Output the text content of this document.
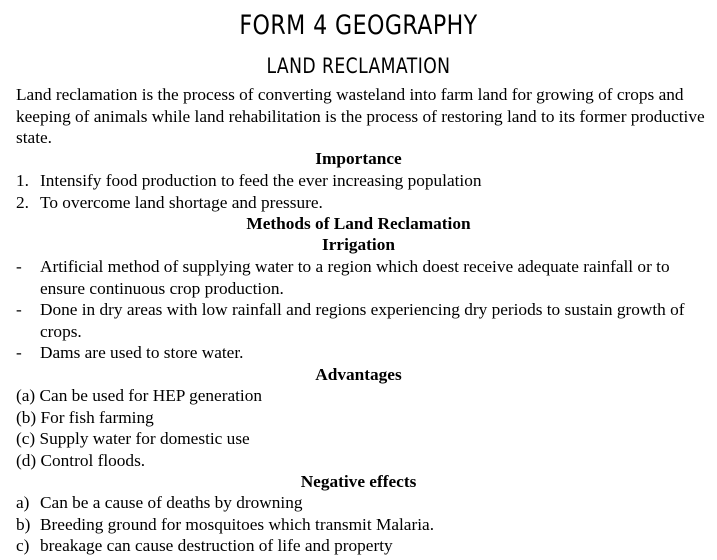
FORM 4 GEOGRAPHY
LAND RECLAMATION
Land reclamation is the process of converting wasteland into farm land for growing of crops and keeping of animals while land rehabilitation is the process of restoring land to its former productive state.
Importance
1. Intensify food production to feed the ever increasing population
2. To overcome land shortage and pressure.
Methods of Land Reclamation
Irrigation
-	Artificial method of supplying water to a region which doest receive adequate rainfall or to ensure continuous crop production.
-	Done in dry areas with low rainfall and regions experiencing dry periods to sustain growth of crops.
-	Dams are used to store water.
Advantages
(a) Can be used for HEP generation
(b) For fish farming
(c) Supply water for domestic use
(d) Control floods.
Negative effects
a) Can be a cause of deaths by drowning
b) Breeding ground for mosquitoes which transmit Malaria.
c) breakage can cause destruction of life and property
